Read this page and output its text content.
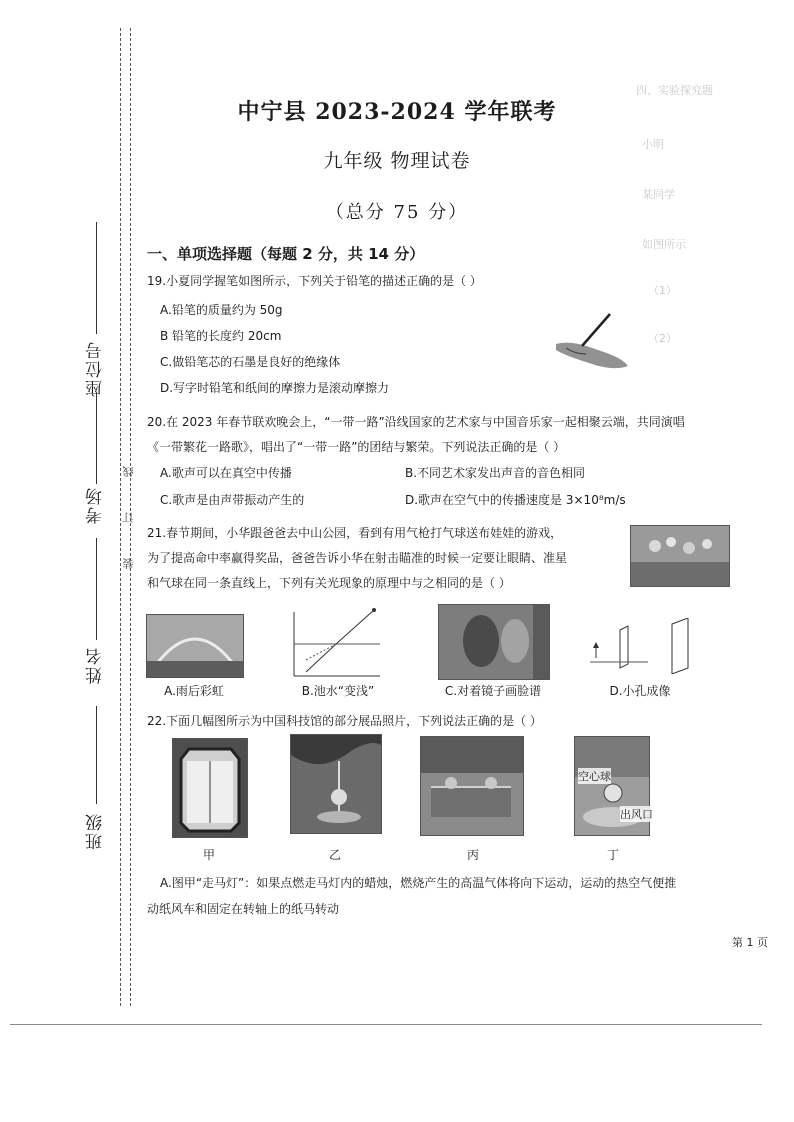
四、实验探究题
小明
某同学
如图所示
（1）
（2）
座位号
考场
姓名
班级
装
订
线
中宁县 2023-2024 学年联考
九年级 物理试卷
（总分 75 分）
一、单项选择题（每题 2 分，共 14 分）
19.小夏同学握笔如图所示，下列关于铅笔的描述正确的是（ ）
A.铅笔的质量约为 50g
B 铅笔的长度约 20cm
C.做铅笔芯的石墨是良好的绝缘体
D.写字时铅笔和纸间的摩擦力是滚动摩擦力
20.在 2023 年春节联欢晚会上，“一带一路”沿线国家的艺术家与中国音乐家一起相聚云端，共同演唱
《一带繁花一路歌》，唱出了“一带一路”的团结与繁荣。下列说法正确的是（ ）
A.歌声可以在真空中传播	B.不同艺术家发出声音的音色相同
C.歌声是由声带振动产生的	D.歌声在空气中的传播速度是 3×10⁸m/s
21.春节期间，小华跟爸爸去中山公园，看到有用气枪打气球送布娃娃的游戏，
为了提高命中率赢得奖品，爸爸告诉小华在射击瞄准的时候一定要让眼睛、准星
和气球在同一条直线上，下列有关光现象的原理中与之相同的是（ ）
A.雨后彩虹	B.池水“变浅”	C.对着镜子画脸谱	D.小孔成像
22.下面几幅图所示为中国科技馆的部分展品照片，下列说法正确的是（ ）
甲	乙	丙
空心球
出风口
丁
A.图甲“走马灯”：如果点燃走马灯内的蜡烛，燃烧产生的高温气体将向下运动，运动的热空气便推
动纸风车和固定在转轴上的纸马转动
第 1 页
